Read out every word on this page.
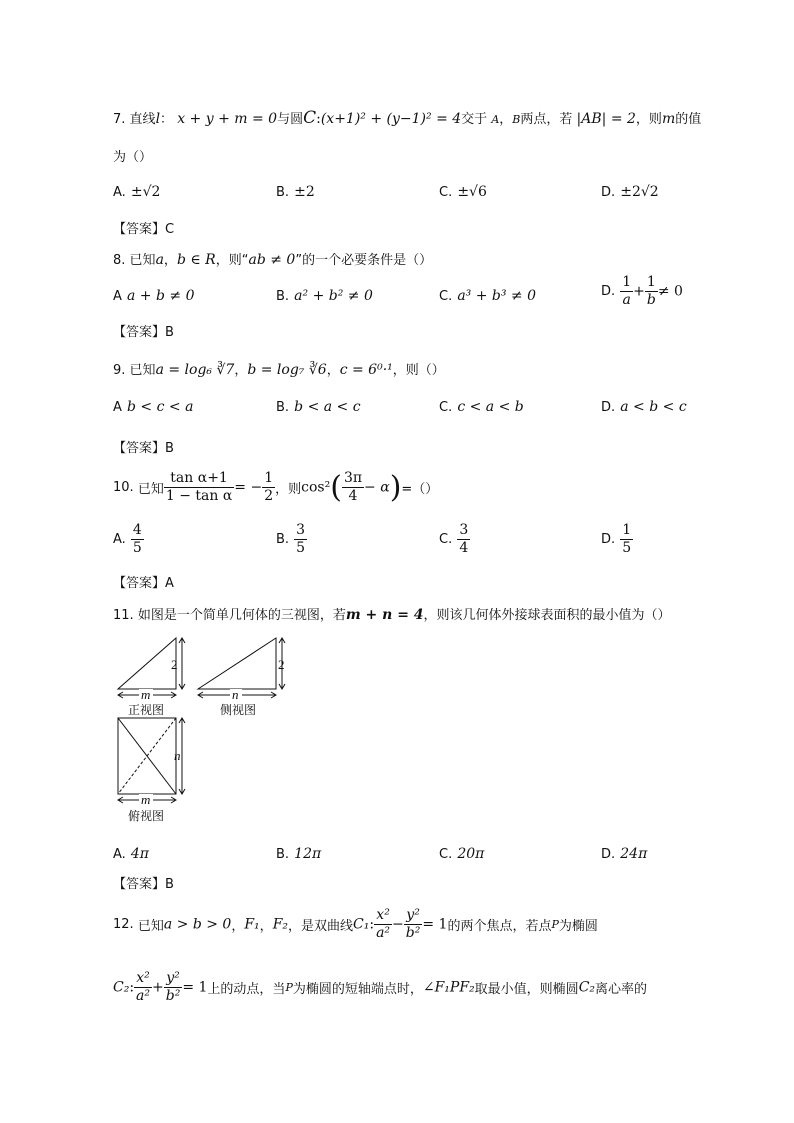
7. 直线l： x + y + m = 0与圆C:(x+1)² + (y−1)² = 4交于 A，B两点，若 |AB| = 2，则m的值
为（）
A. ±√2	B. ±2	C. ±√6	D. ±2√2
【答案】C
8. 已知a，b ∈ R，则“ab ≠ 0”的一个必要条件是（）
A a + b ≠ 0	B. a² + b² ≠ 0	C. a³ + b³ ≠ 0	D. $\frac{1}{a} + \frac{1}{b} \ne 0$
【答案】B
9. 已知a = log₆ ∛7，b = log₇ ∛6，c = 6⁰·¹，则（）
A b < c < a	B. b < a < c	C. c < a < b	D. a < b < c
【答案】B
10. 已知 $\frac{\text{tan α+1}}{\text{1 − tan α}}$ = − $\frac{1}{2}$ ，则$\cos^2( \frac{3\pi}{4} - \alpha)=()$
A. $\frac{4}{5}$	B. $\frac{3}{5}$	C. $\frac{3}{4}$	D. $\frac{1}{5}$
【答案】A
11. 如图是一个简单几何体的三视图，若m + n = 4，则该几何体外接球表面积的最小值为（）
m
2
n
2
n
m
正视图	侧视图
俯视图
A. 4π	B. 12π	C. 20π	D. 24π
【答案】B
12. 已知a > b > 0，F₁，F₂，是双曲线C₁: $\frac{\text{x²}}{\text{a²}} - \frac{\text{y²}}{\text{b²}} = 1$的两个焦点，若点P为椭圆
C₂: $\frac{\text{x²}}{\text{a²}} + \frac{\text{y²}}{\text{b²}} = 1$上的动点，当P为椭圆的短轴端点时，∠F₁PF₂取最小值，则椭圆C₂离心率的
